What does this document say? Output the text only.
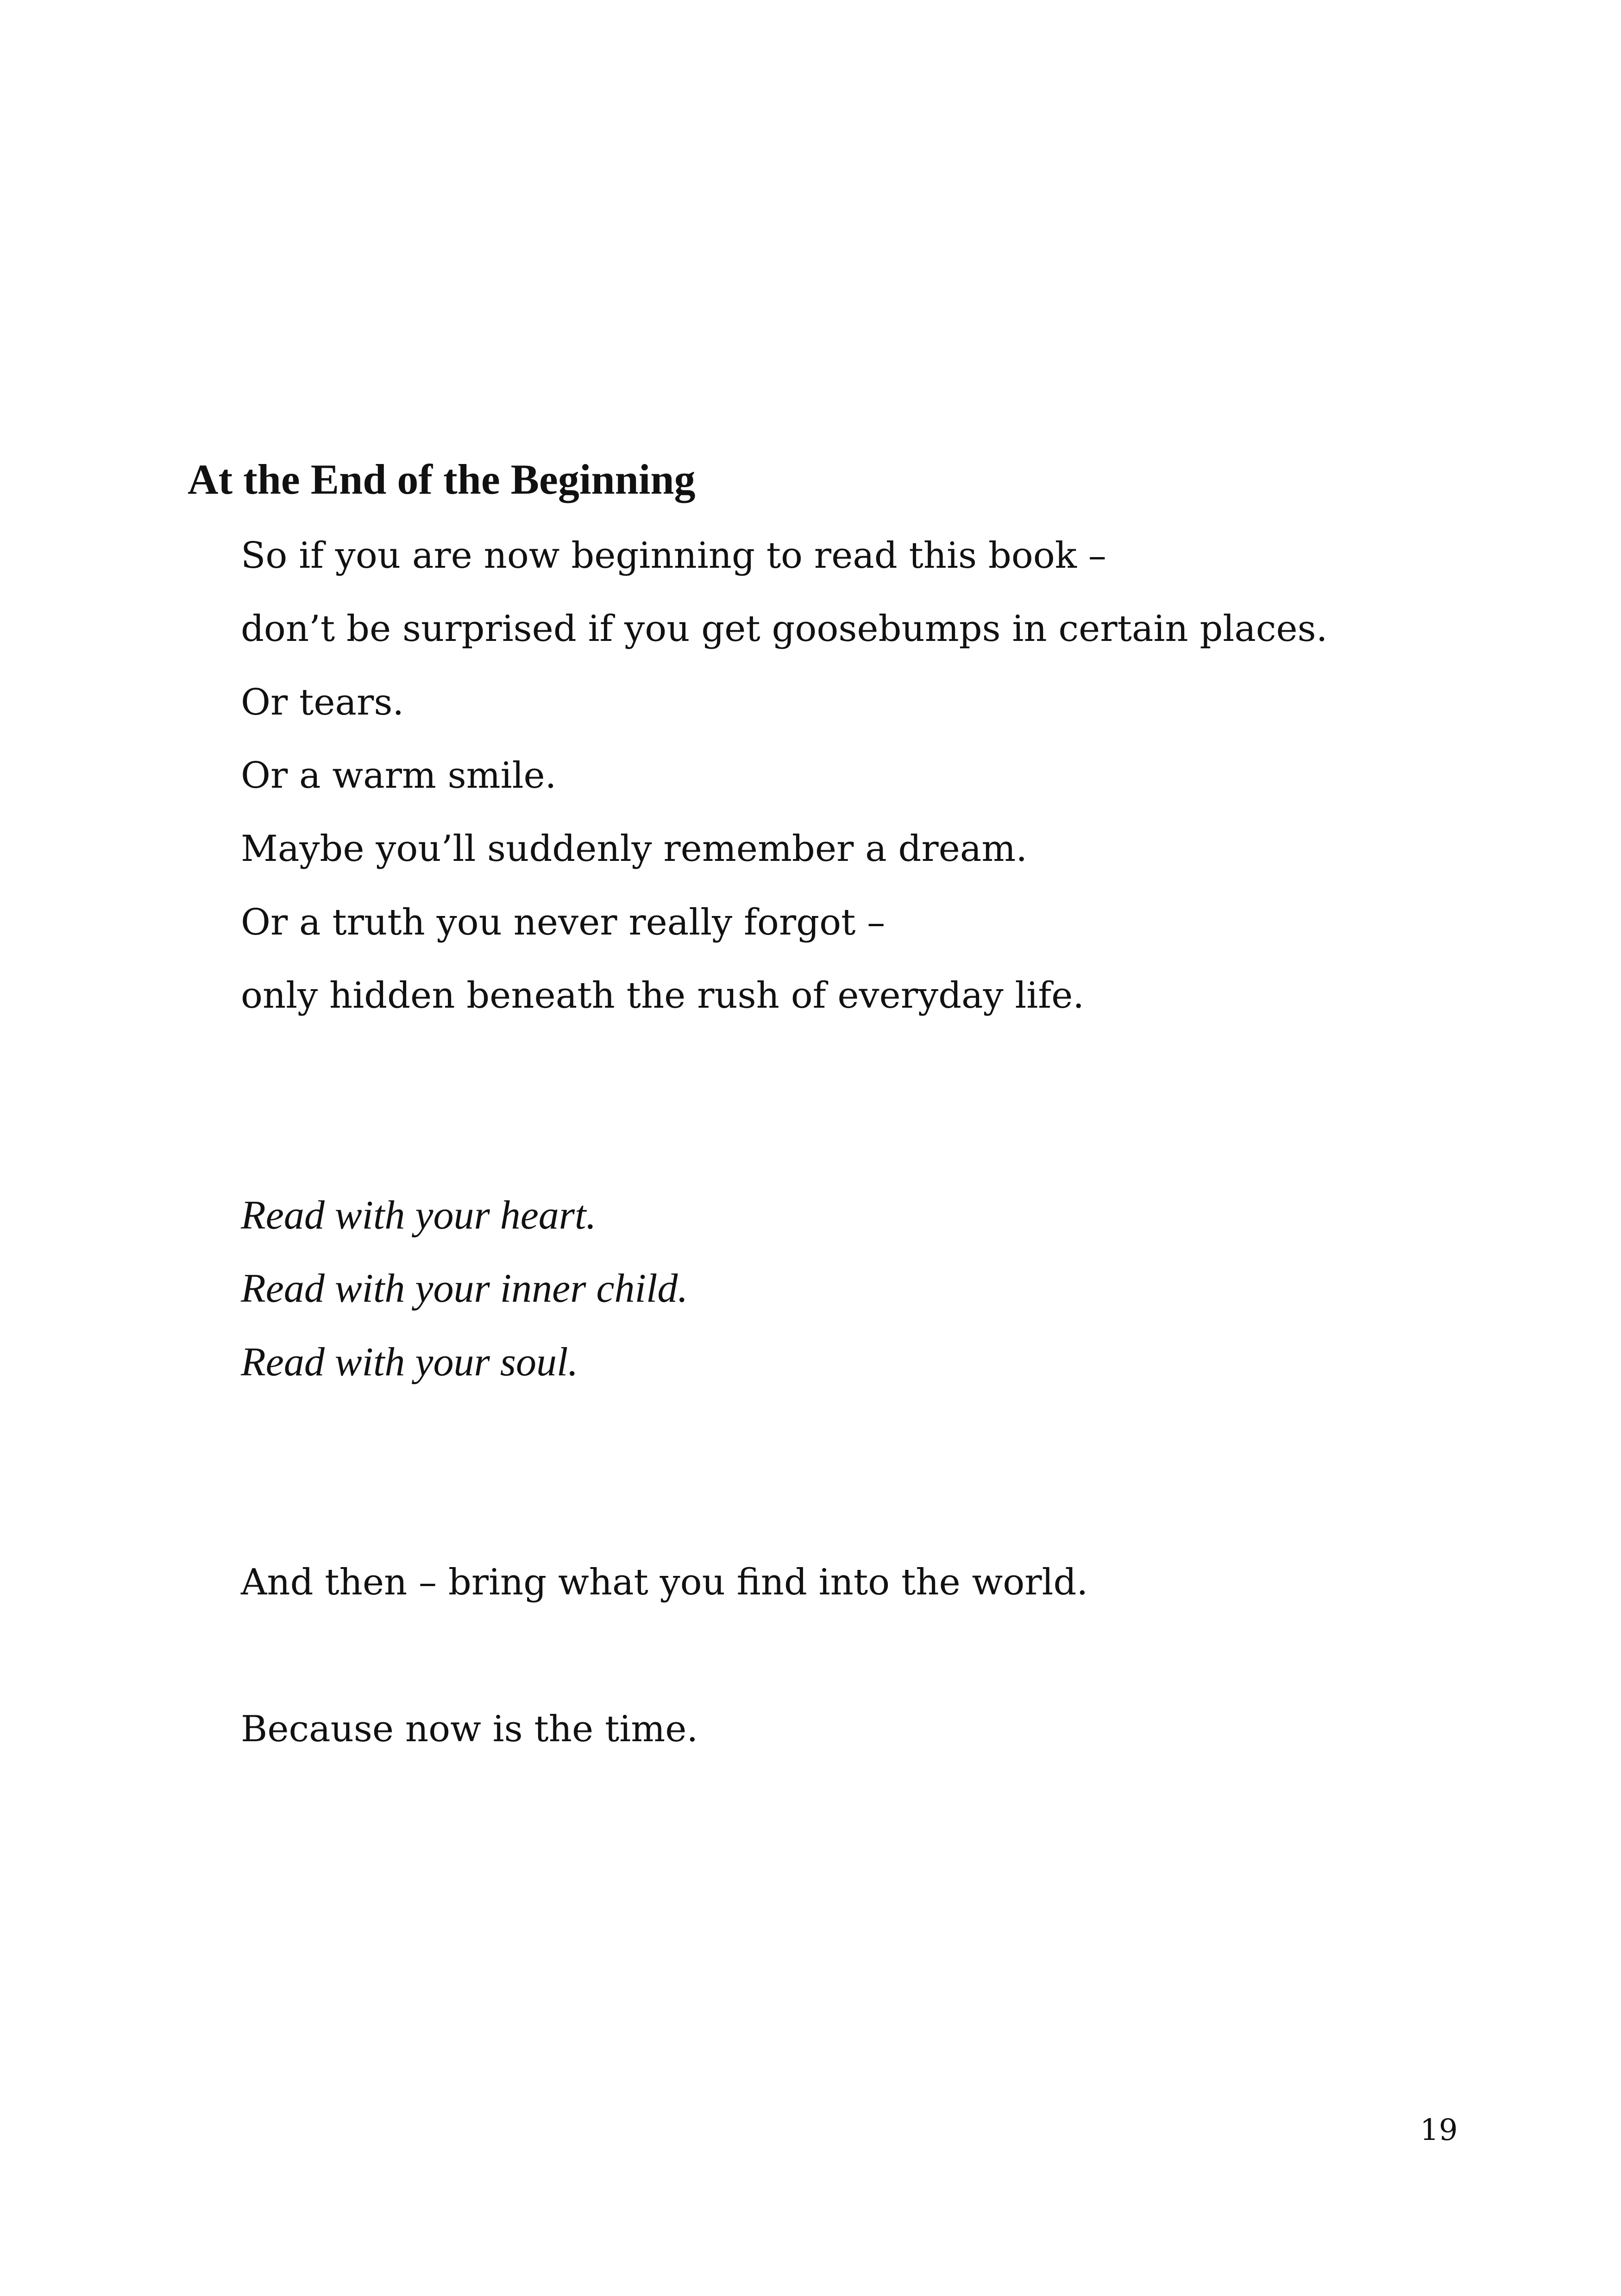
At the End of the Beginning

So if you are now beginning to read this book –

don’t be surprised if you get goosebumps in certain places.

Or tears.

Or a warm smile.

Maybe you’ll suddenly remember a dream.

Or a truth you never really forgot –

only hidden beneath the rush of everyday life.

Read with your heart.

Read with your inner child.

Read with your soul.

And then – bring what you find into the world.

Because now is the time.

19
